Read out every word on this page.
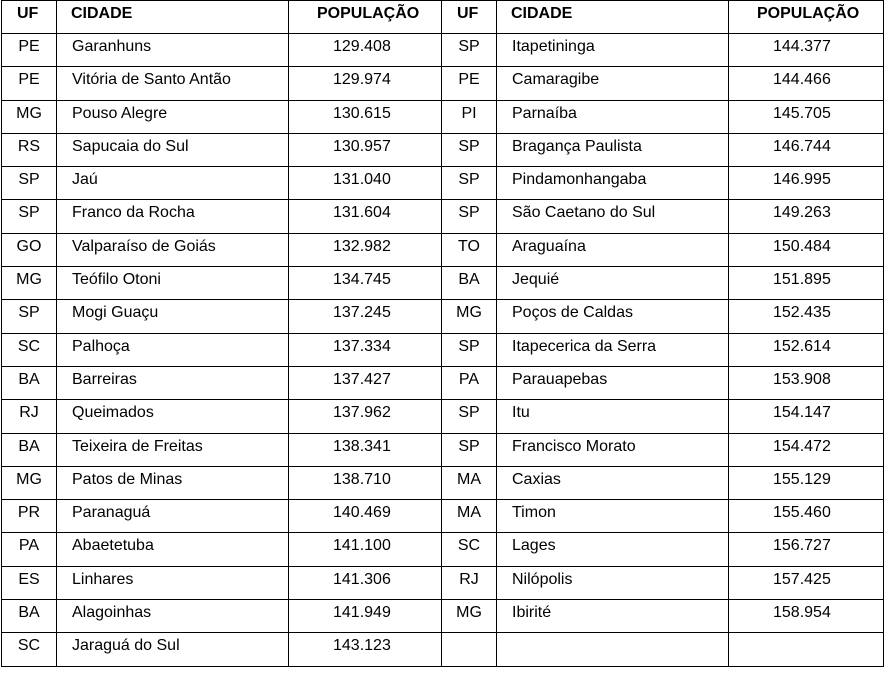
UF	CIDADE	POPULAÇÃO	UF	CIDADE	POPULAÇÃO
PE	Garanhuns	129.408	SP	Itapetininga	144.377
PE	Vitória de Santo Antão	129.974	PE	Camaragibe	144.466
MG	Pouso Alegre	130.615	PI	Parnaíba	145.705
RS	Sapucaia do Sul	130.957	SP	Bragança Paulista	146.744
SP	Jaú	131.040	SP	Pindamonhangaba	146.995
SP	Franco da Rocha	131.604	SP	São Caetano do Sul	149.263
GO	Valparaíso de Goiás	132.982	TO	Araguaína	150.484
MG	Teófilo Otoni	134.745	BA	Jequié	151.895
SP	Mogi Guaçu	137.245	MG	Poços de Caldas	152.435
SC	Palhoça	137.334	SP	Itapecerica da Serra	152.614
BA	Barreiras	137.427	PA	Parauapebas	153.908
RJ	Queimados	137.962	SP	Itu	154.147
BA	Teixeira de Freitas	138.341	SP	Francisco Morato	154.472
MG	Patos de Minas	138.710	MA	Caxias	155.129
PR	Paranaguá	140.469	MA	Timon	155.460
PA	Abaetetuba	141.100	SC	Lages	156.727
ES	Linhares	141.306	RJ	Nilópolis	157.425
BA	Alagoinhas	141.949	MG	Ibirité	158.954
SC	Jaraguá do Sul	143.123			
